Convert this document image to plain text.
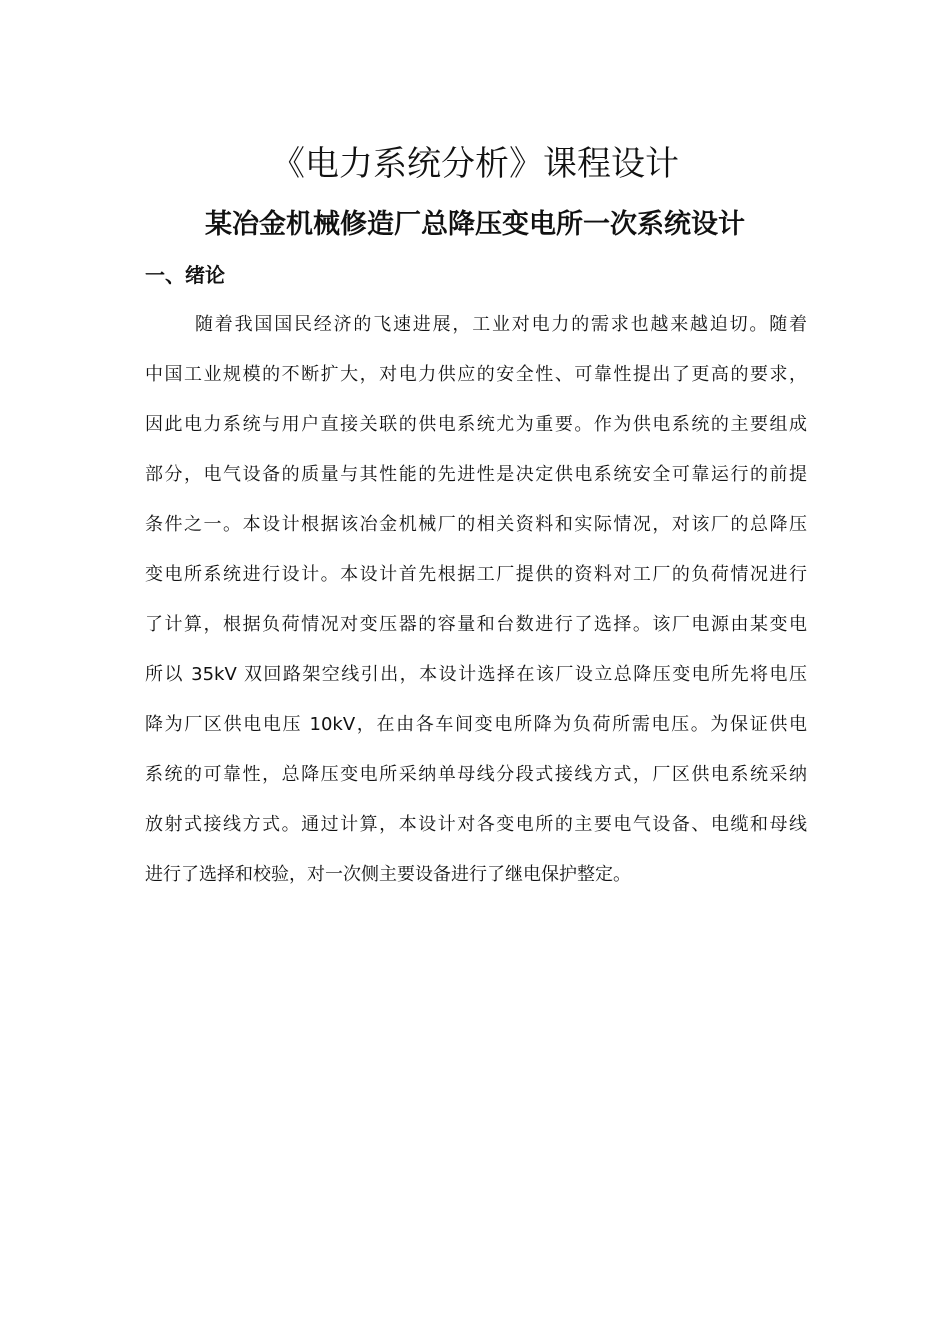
《电力系统分析》课程设计
某冶金机械修造厂总降压变电所一次系统设计
一、绪论
随着我国国民经济的飞速进展，工业对电力的需求也越来越迫切。随着
中国工业规模的不断扩大，对电力供应的安全性、可靠性提出了更高的要求，
因此电力系统与用户直接关联的供电系统尤为重要。作为供电系统的主要组成
部分，电气设备的质量与其性能的先进性是决定供电系统安全可靠运行的前提
条件之一。本设计根据该冶金机械厂的相关资料和实际情况，对该厂的总降压
变电所系统进行设计。本设计首先根据工厂提供的资料对工厂的负荷情况进行
了计算，根据负荷情况对变压器的容量和台数进行了选择。该厂电源由某变电
所以 35kV 双回路架空线引出，本设计选择在该厂设立总降压变电所先将电压
降为厂区供电电压 10kV，在由各车间变电所降为负荷所需电压。为保证供电
系统的可靠性，总降压变电所采纳单母线分段式接线方式，厂区供电系统采纳
放射式接线方式。通过计算，本设计对各变电所的主要电气设备、电缆和母线
进行了选择和校验，对一次侧主要设备进行了继电保护整定。
